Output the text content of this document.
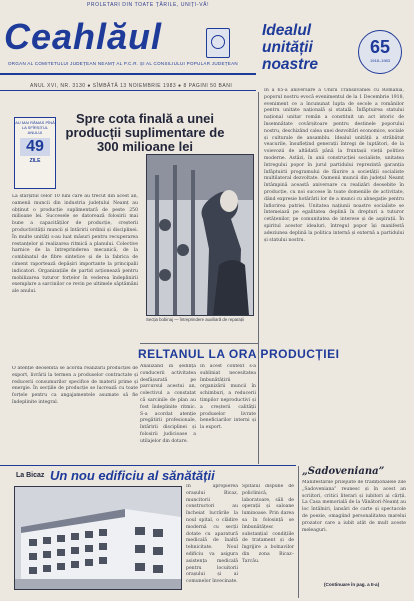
PROLETARI DIN TOATE ȚĂRILE, UNIȚI-VĂ!
Ceahlăul
ORGAN AL COMITETULUI JUDEȚEAN NEAMȚ AL P.C.R. ȘI AL CONSILIULUI POPULAR JUDEȚEAN
ANUL XVI, NR. 3130 ● SÎMBĂTĂ 13 NOIEMBRIE 1983 ● 8 PAGINI 50 BANI
Idealul unității noastre
65
1918–1983
În a 65-a aniversare a Unirii Transilvaniei cu România, poporul nostru evocă evenimentul de la 1 Decembrie 1918, eveniment ce a încununat lupta de secole a românilor pentru unitate națională și statală. Înfăptuirea statului național unitar român a constituit un act istoric de însemnătate covârșitoare pentru destinele poporului nostru, deschizând calea unei dezvoltări economice, sociale și culturale de ansamblu. Idealul unității a străbătut veacurile, însuflețind generații întregi de luptători, de la voievozii de altădată până la fruntașii vieții politice moderne. Astăzi, în anii construcției socialiste, unitatea întregului popor în jurul partidului reprezintă garanția înfăptuirii programului de făurire a societății socialiste multilateral dezvoltate. Oamenii muncii din județul Neamț întâmpină această aniversare cu realizări deosebite în producție, cu noi succese în toate domeniile de activitate, dând expresie hotărârii lor de a munci cu abnegație pentru înflorirea patriei. Unitatea națiunii noastre socialiste se întemeiază pe egalitatea deplină în drepturi a tuturor cetățenilor, pe comunitatea de interese și de aspirații. În spiritul acestor idealuri, întregul popor își manifestă adeziunea deplină la politica internă și externă a partidului și statului nostru.
AU MAI RĂMAS PÎNĂ LA SFÎRȘITUL ANULUI
49
ZILE
Spre cota finală a unei producții suplimentare de 300 milioane lei
La sfârșitul celor 10 luni care au trecut din acest an, oamenii muncii din industria județului Neamț au obținut o producție suplimentară de peste 250 milioane lei. Succesele se datorează folosirii mai bune a capacităților de producție, creșterii productivității muncii și întăririi ordinii și disciplinei. În multe unități s-au luat măsuri pentru recuperarea restanțelor și realizarea ritmică a planului. Colective harnice de la întreprinderea mecanică, de la combinatul de fibre sintetice și de la fabrica de ciment raportează depășiri importante la principalii indicatori. Organizațiile de partid acționează pentru mobilizarea tuturor forțelor în vederea îndeplinirii exemplare a sarcinilor ce revin pe ultimele săptămâni ale anului.
O atenție deosebită se acordă realizării producției de export, livrării la termen a produselor contractate și reducerii consumurilor specifice de materii prime și energie. În secțiile de producție se lucrează cu toate forțele pentru ca angajamentele asumate să fie îndeplinite integral.
Secția bobinaj — întreprindere auxiliară de reparații
RELTANUL LA ORA PRODUCȚIEI
Analizând în ședința conducerii activitatea desfășurată pe parcursul acestui an, colectivul a constatat că sarcinile de plan au fost îndeplinite ritmic. S-a acordat atenție pregătirii profesionale, întăririi disciplinei și folosirii judicioase a utilajelor din dotare.
În acest context s-a subliniat necesitatea îmbunătățirii organizării muncii în schimburi, a reducerii timpilor neproductivi și a creșterii calității produselor livrate beneficiarilor interni și la export.
La Bicaz Un nou edificiu al sănătății
În apropierea orașului Bicaz, muncitorii constructori au încheiat lucrările la noul spital, o clădire modernă cu secții dotate cu aparatură medicală de înaltă tehnicitate. Noul edificiu va asigura asistența medicală pentru locuitorii orașului și ai comunelor învecinate.
Spitalul dispune de policlinică, laboratoare, săli de operații și saloane luminoase. Prin darea sa în folosință se îmbunătățesc substanțial condițiile de tratament și de îngrijire a bolnavilor din zona Bicaz–Tarcău.
„Sadoveniana”
Manifestările prilejuite de tradiționalele zile „Sadoveniana” reunesc și în acest an scriitori, critici literari și iubitori ai cărții. La Casa memorială de la Vânători-Neamț au loc întâlniri, lansări de carte și spectacole de poezie, omagiind personalitatea marelui prozator care a iubit atât de mult aceste meleaguri.
(Continuare în pag. a II-a)
